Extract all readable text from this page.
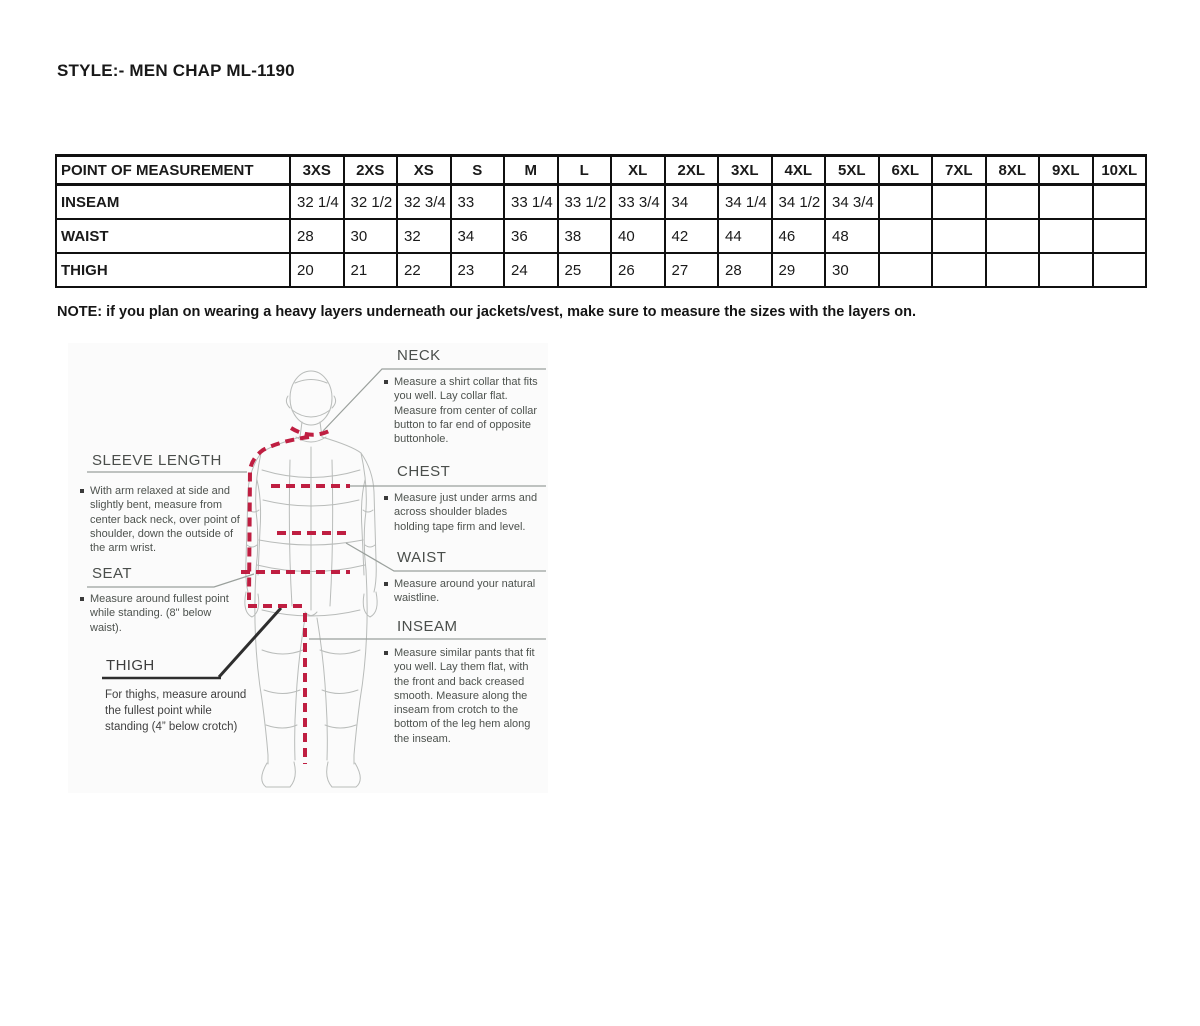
STYLE:- MEN CHAP ML-1190
POINT OF MEASUREMENT	3XS	2XS	XS	S	M	L	XL	2XL	3XL	4XL	5XL	6XL	7XL	8XL	9XL	10XL
INSEAM	32 1/4	32 1/2	32 3/4	33	33 1/4	33 1/2	33 3/4	34	34 1/4	34 1/2	34 3/4					
WAIST	28	30	32	34	36	38	40	42	44	46	48					
THIGH	20	21	22	23	24	25	26	27	28	29	30					
NOTE: if you plan on wearing a heavy layers underneath our jackets/vest, make sure to measure the sizes with the layers on.
NECK
Measure a shirt collar that fits you well. Lay collar flat. Measure from center of collar button to far end of opposite buttonhole.
CHEST
Measure just under arms and across shoulder blades holding tape firm and level.
WAIST
Measure around your natural waistline.
INSEAM
Measure similar pants that fit you well. Lay them flat, with the front and back creased smooth. Measure along the inseam from crotch to the bottom of the leg hem along the inseam.
SLEEVE LENGTH
With arm relaxed at side and slightly bent, measure from center back neck, over point of shoulder, down the outside of the arm wrist.
SEAT
Measure around fullest point while standing. (8" below waist).
THIGH
For thighs, measure around the fullest point while standing (4” below crotch)
